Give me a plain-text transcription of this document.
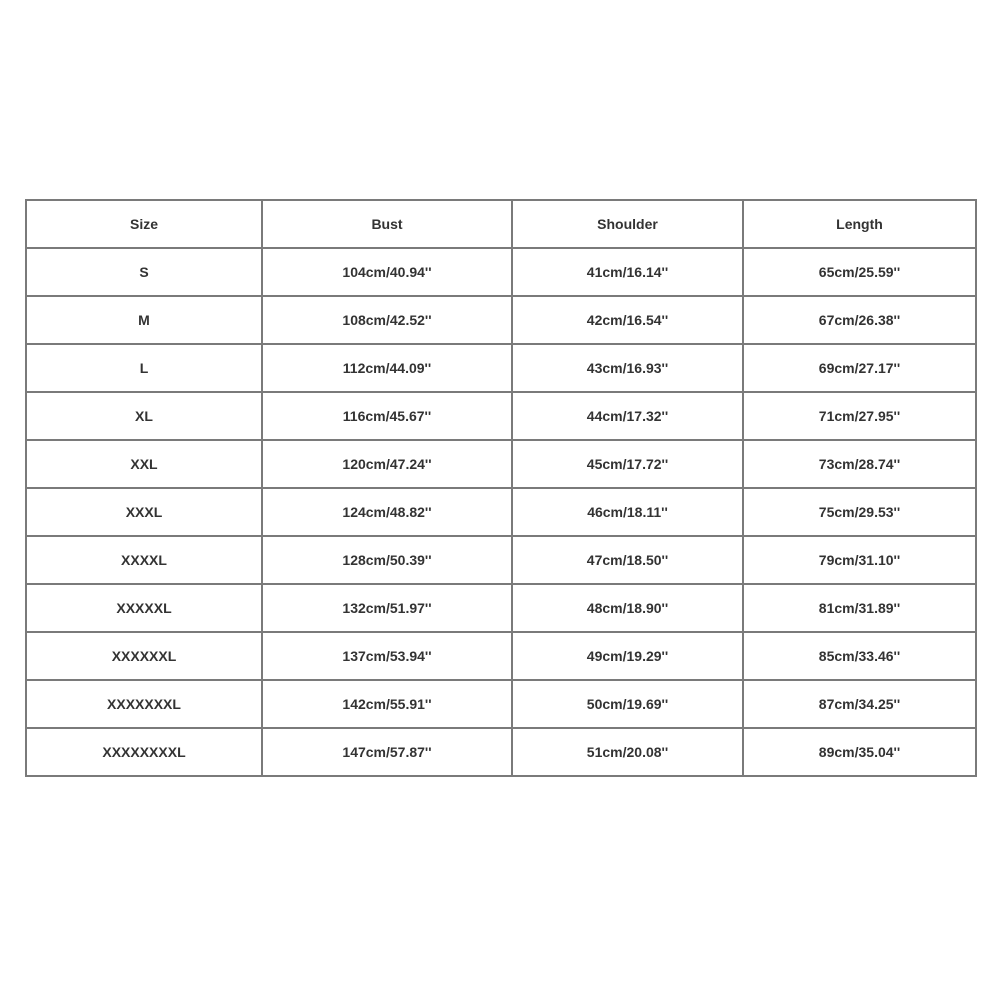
Size	Bust	Shoulder	Length
S	104cm/40.94''	41cm/16.14''	65cm/25.59''
M	108cm/42.52''	42cm/16.54''	67cm/26.38''
L	112cm/44.09''	43cm/16.93''	69cm/27.17''
XL	116cm/45.67''	44cm/17.32''	71cm/27.95''
XXL	120cm/47.24''	45cm/17.72''	73cm/28.74''
XXXL	124cm/48.82''	46cm/18.11''	75cm/29.53''
XXXXL	128cm/50.39''	47cm/18.50''	79cm/31.10''
XXXXXL	132cm/51.97''	48cm/18.90''	81cm/31.89''
XXXXXXL	137cm/53.94''	49cm/19.29''	85cm/33.46''
XXXXXXXL	142cm/55.91''	50cm/19.69''	87cm/34.25''
XXXXXXXXL	147cm/57.87''	51cm/20.08''	89cm/35.04''
